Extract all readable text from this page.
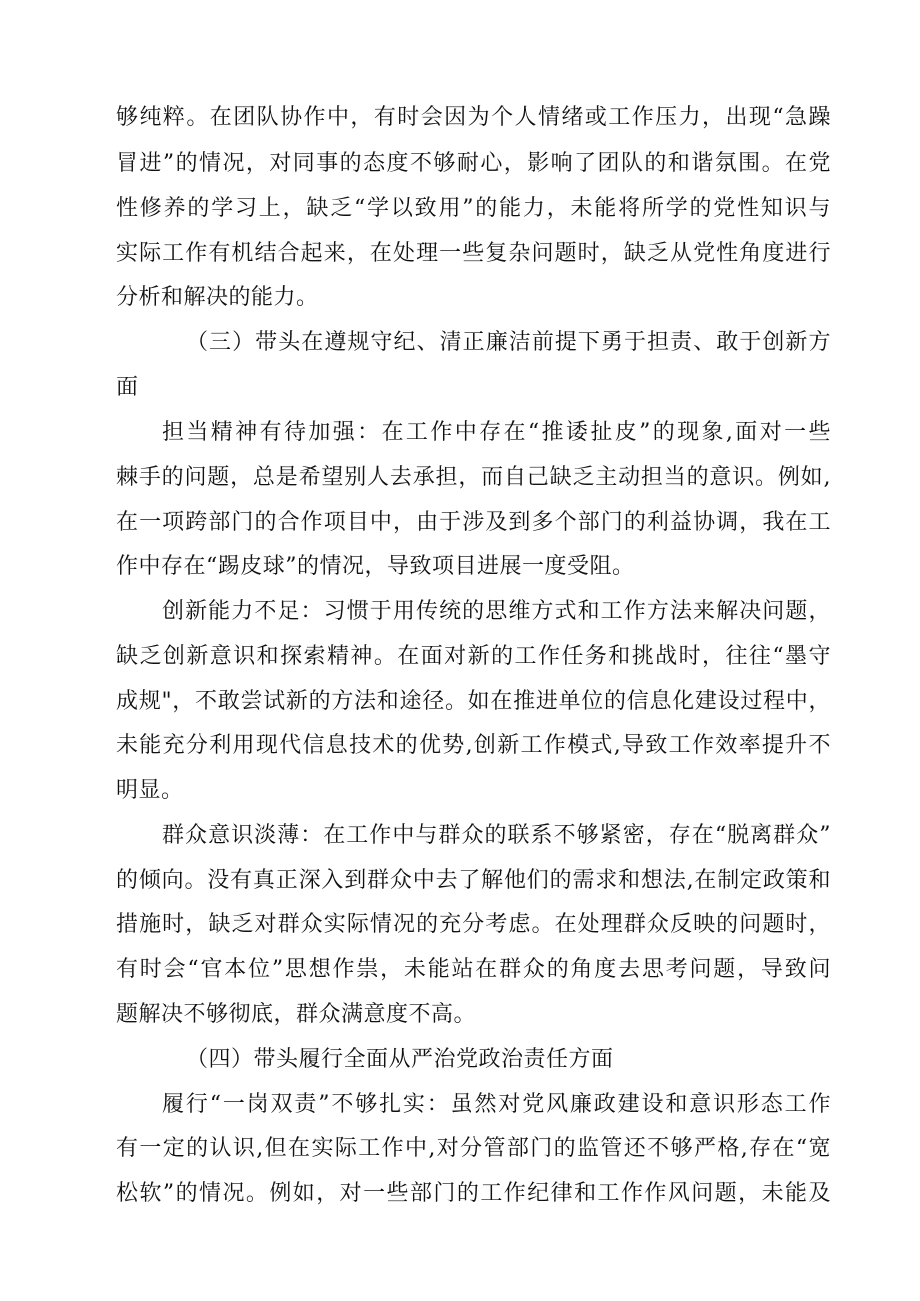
够纯粹。在团队协作中，有时会因为个人情绪或工作压力，出现“急躁
冒进”的情况，对同事的态度不够耐心，影响了团队的和谐氛围。在党
性修养的学习上，缺乏“学以致用”的能力，未能将所学的党性知识与
实际工作有机结合起来，在处理一些复杂问题时，缺乏从党性角度进行
分析和解决的能力。
（三）带头在遵规守纪、清正廉洁前提下勇于担责、敢于创新方
面
担当精神有待加强：在工作中存在“推诿扯皮”的现象,面对一些
棘手的问题，总是希望别人去承担，而自己缺乏主动担当的意识。例如,
在一项跨部门的合作项目中，由于涉及到多个部门的利益协调，我在工
作中存在“踢皮球”的情况，导致项目进展一度受阻。
创新能力不足：习惯于用传统的思维方式和工作方法来解决问题，
缺乏创新意识和探索精神。在面对新的工作任务和挑战时，往往“墨守
成规"，不敢尝试新的方法和途径。如在推进单位的信息化建设过程中，
未能充分利用现代信息技术的优势,创新工作模式,导致工作效率提升不
明显。
群众意识淡薄：在工作中与群众的联系不够紧密，存在“脱离群众”
的倾向。没有真正深入到群众中去了解他们的需求和想法,在制定政策和
措施时，缺乏对群众实际情况的充分考虑。在处理群众反映的问题时，
有时会“官本位”思想作祟，未能站在群众的角度去思考问题，导致问
题解决不够彻底，群众满意度不高。
（四）带头履行全面从严治党政治责任方面
履行“一岗双责”不够扎实：虽然对党风廉政建设和意识形态工作
有一定的认识,但在实际工作中,对分管部门的监管还不够严格,存在“宽
松软”的情况。例如，对一些部门的工作纪律和工作作风问题，未能及
